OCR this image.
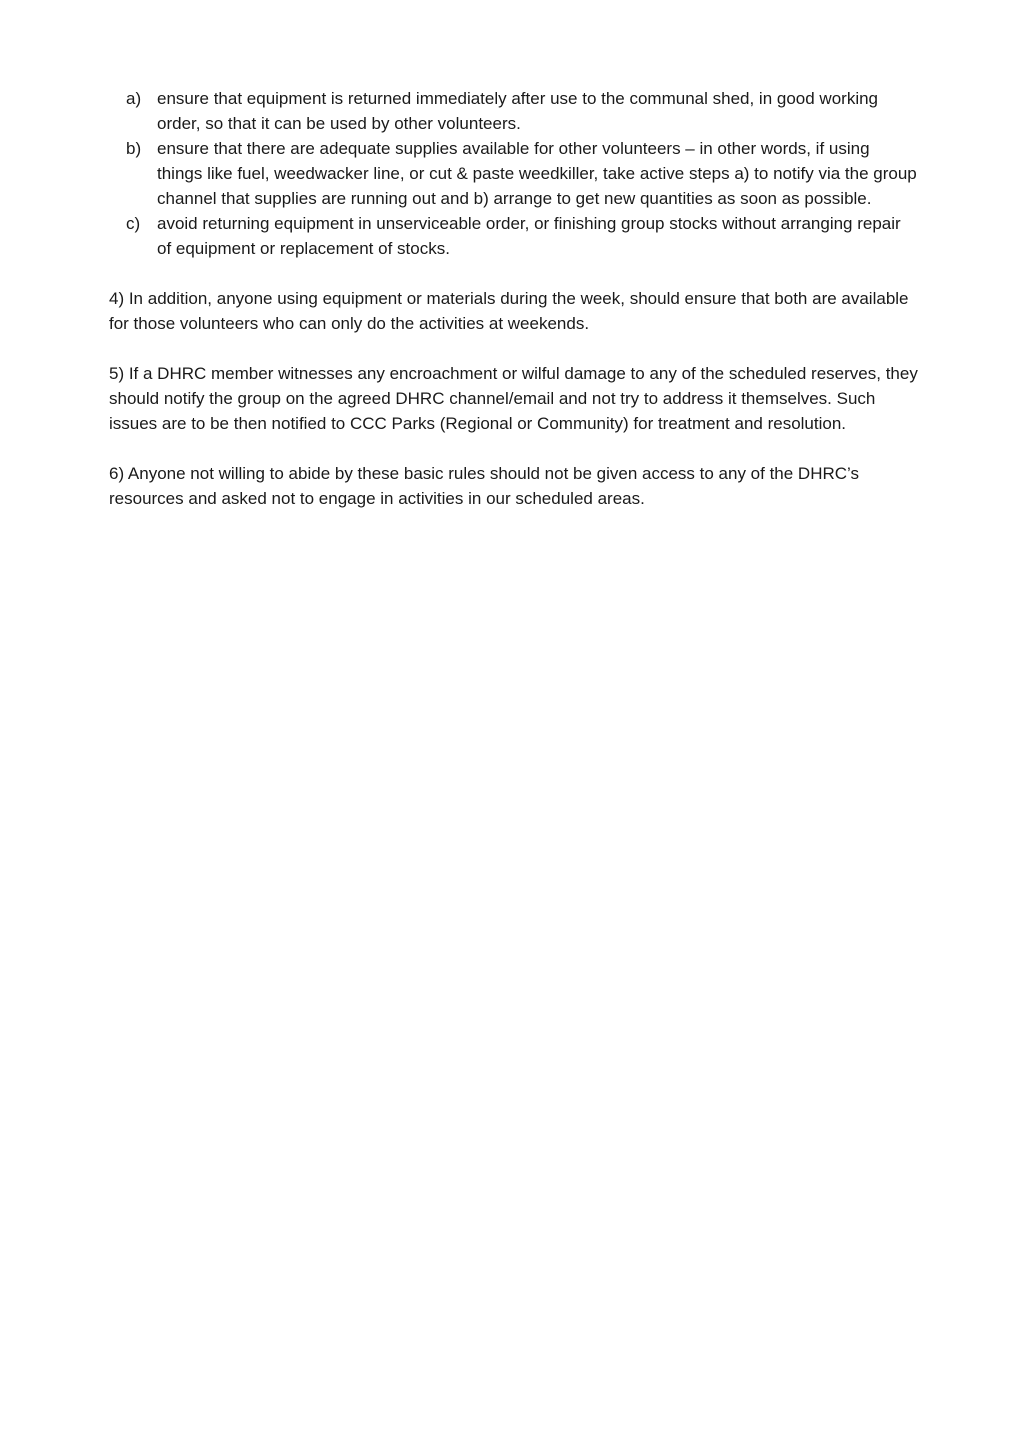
a) ensure that equipment is returned immediately after use to the communal shed, in good working order, so that it can be used by other volunteers.
b) ensure that there are adequate supplies available for other volunteers – in other words, if using things like fuel, weedwacker line, or cut & paste weedkiller, take active steps a) to notify via the group channel that supplies are running out and b) arrange to get new quantities as soon as possible.
c) avoid returning equipment in unserviceable order, or finishing group stocks without arranging repair of equipment or replacement of stocks.

4) In addition, anyone using equipment or materials during the week, should ensure that both are available for those volunteers who can only do the activities at weekends.

5) If a DHRC member witnesses any encroachment or wilful damage to any of the scheduled reserves, they should notify the group on the agreed DHRC channel/email and not try to address it themselves. Such issues are to be then notified to CCC Parks (Regional or Community) for treatment and resolution.

6) Anyone not willing to abide by these basic rules should not be given access to any of the DHRC’s resources and asked not to engage in activities in our scheduled areas.
